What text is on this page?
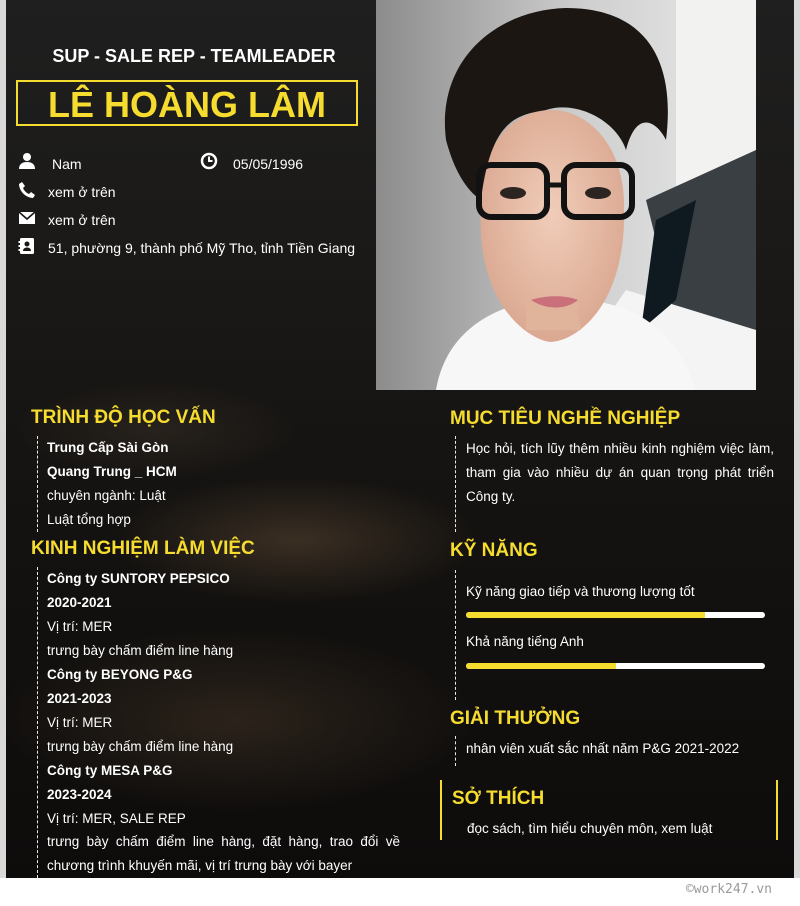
SUP - SALE REP - TEAMLEADER
LÊ HOÀNG LÂM
Nam	05/05/1996
xem ở trên
xem ở trên
51, phường 9, thành phố Mỹ Tho, tỉnh Tiền Giang
TRÌNH ĐỘ HỌC VẤN
Trung Cấp Sài Gòn
Quang Trung _ HCM
chuyên ngành: Luật
Luật tổng hợp
KINH NGHIỆM LÀM VIỆC
Công ty SUNTORY PEPSICO
2020-2021
Vị trí: MER
trưng bày chấm điểm line hàng
Công ty BEYONG P&G
2021-2023
Vị trí: MER
trưng bày chấm điểm line hàng
Công ty MESA P&G
2023-2024
Vị trí: MER, SALE REP
trưng bày chấm điểm line hàng, đặt hàng, trao đổi về chương trình khuyến mãi, vị trí trưng bày với bayer
MỤC TIÊU NGHỀ NGHIỆP
Học hỏi, tích lũy thêm nhiều kinh nghiệm việc làm, tham gia vào nhiều dự án quan trọng phát triển Công ty.
KỸ NĂNG
Kỹ năng giao tiếp và thương lượng tốt
Khả năng tiếng Anh
GIẢI THƯỞNG
nhân viên xuất sắc nhất năm P&G 2021-2022
SỞ THÍCH
đọc sách, tìm hiểu chuyên môn, xem luật
©work247.vn
